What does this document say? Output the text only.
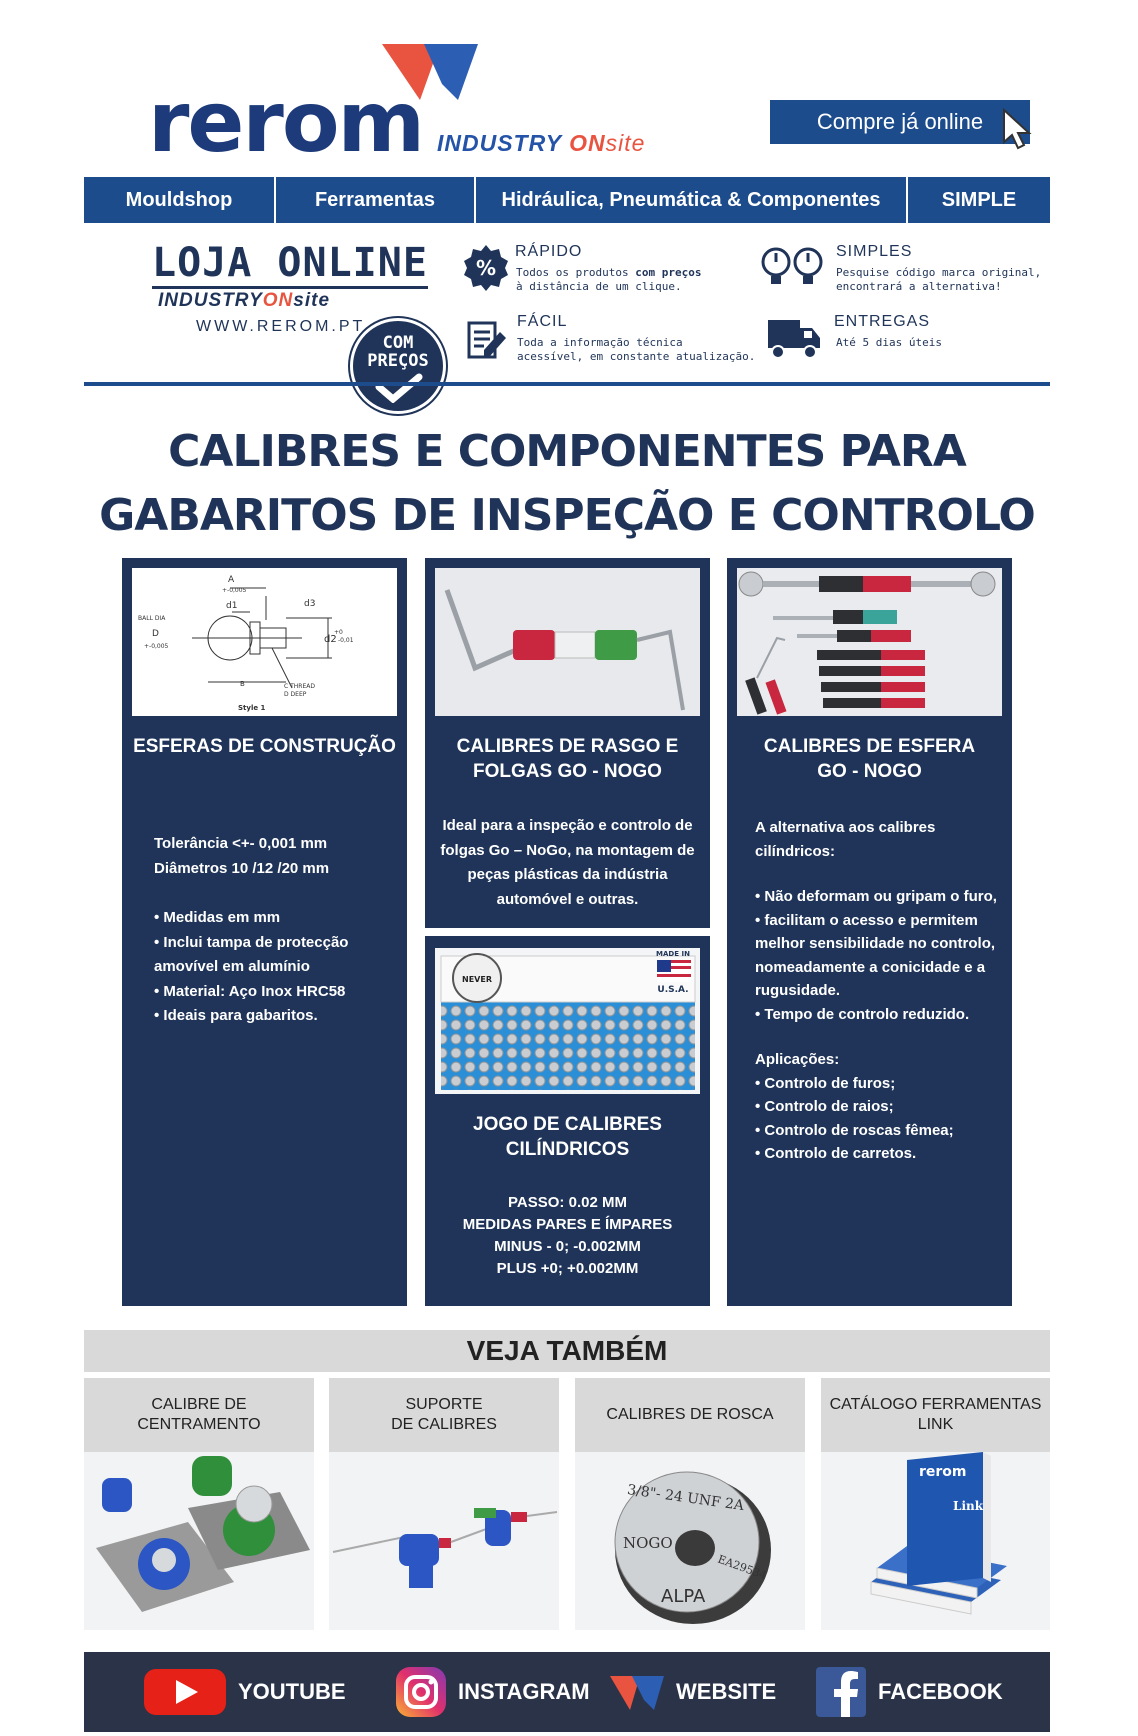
rerom INDUSTRY ONsite
Compre já online
Mouldshop	Ferramentas	Hidráulica, Pneumática & Componentes	SIMPLE
LOJA ONLINE
INDUSTRYONsite
WWW.REROM.PT
COM
PREÇOS
%
RÁPIDO
Todos os produtos com preços
à distância de um clique.
SIMPLES
Pesquise código marca original,
encontrará a alternativa!
FÁCIL
Toda a informação técnica
acessível, em constante atualização.
ENTREGAS
Até 5 dias úteis
CALIBRES E COMPONENTES PARA
GABARITOS DE INSPEÇÃO E CONTROLO
A
+-0,005
d1	d3
BALL DIA
D
+-0,005
+0
d2 -0,01
B	C THREAD
D DEEP
Style 1
ESFERAS DE CONSTRUÇÃO
Tolerância <+- 0,001 mm
Diâmetros 10 /12 /20 mm
• Medidas em mm
• Inclui tampa de protecção
amovível em alumínio
• Material: Aço Inox HRC58
• Ideais para gabaritos.
CALIBRES DE RASGO E
FOLGAS GO - NOGO
Ideal para a inspeção e controlo de
folgas Go – NoGo, na montagem de
peças plásticas da indústria
automóvel e outras.
NEVER
MADE IN
U.S.A.
JOGO DE CALIBRES
CILÍNDRICOS
PASSO: 0.02 MM
MEDIDAS PARES E ÍMPARES
MINUS - 0; -0.002MM
PLUS +0; +0.002MM
CALIBRES DE ESFERA
GO - NOGO
A alternativa aos calibres
cilíndricos:
• Não deformam ou gripam o furo,
• facilitam o acesso e permitem
melhor sensibilidade no controlo,
nomeadamente a conicidade e a
rugusidade.
• Tempo de controlo reduzido.
Aplicações:
• Controlo de furos;
• Controlo de raios;
• Controlo de roscas fêmea;
• Controlo de carretos.
VEJA TAMBÉM
CALIBRE DE
CENTRAMENTO
SUPORTE
DE CALIBRES
CALIBRES DE ROSCA
3/8"- 24 UNF 2A
NOGO
EA29534
ALPA
CATÁLOGO FERRAMENTAS
LINK
rerom
Link
YOUTUBE	INSTAGRAM	WEBSITE	FACEBOOK
